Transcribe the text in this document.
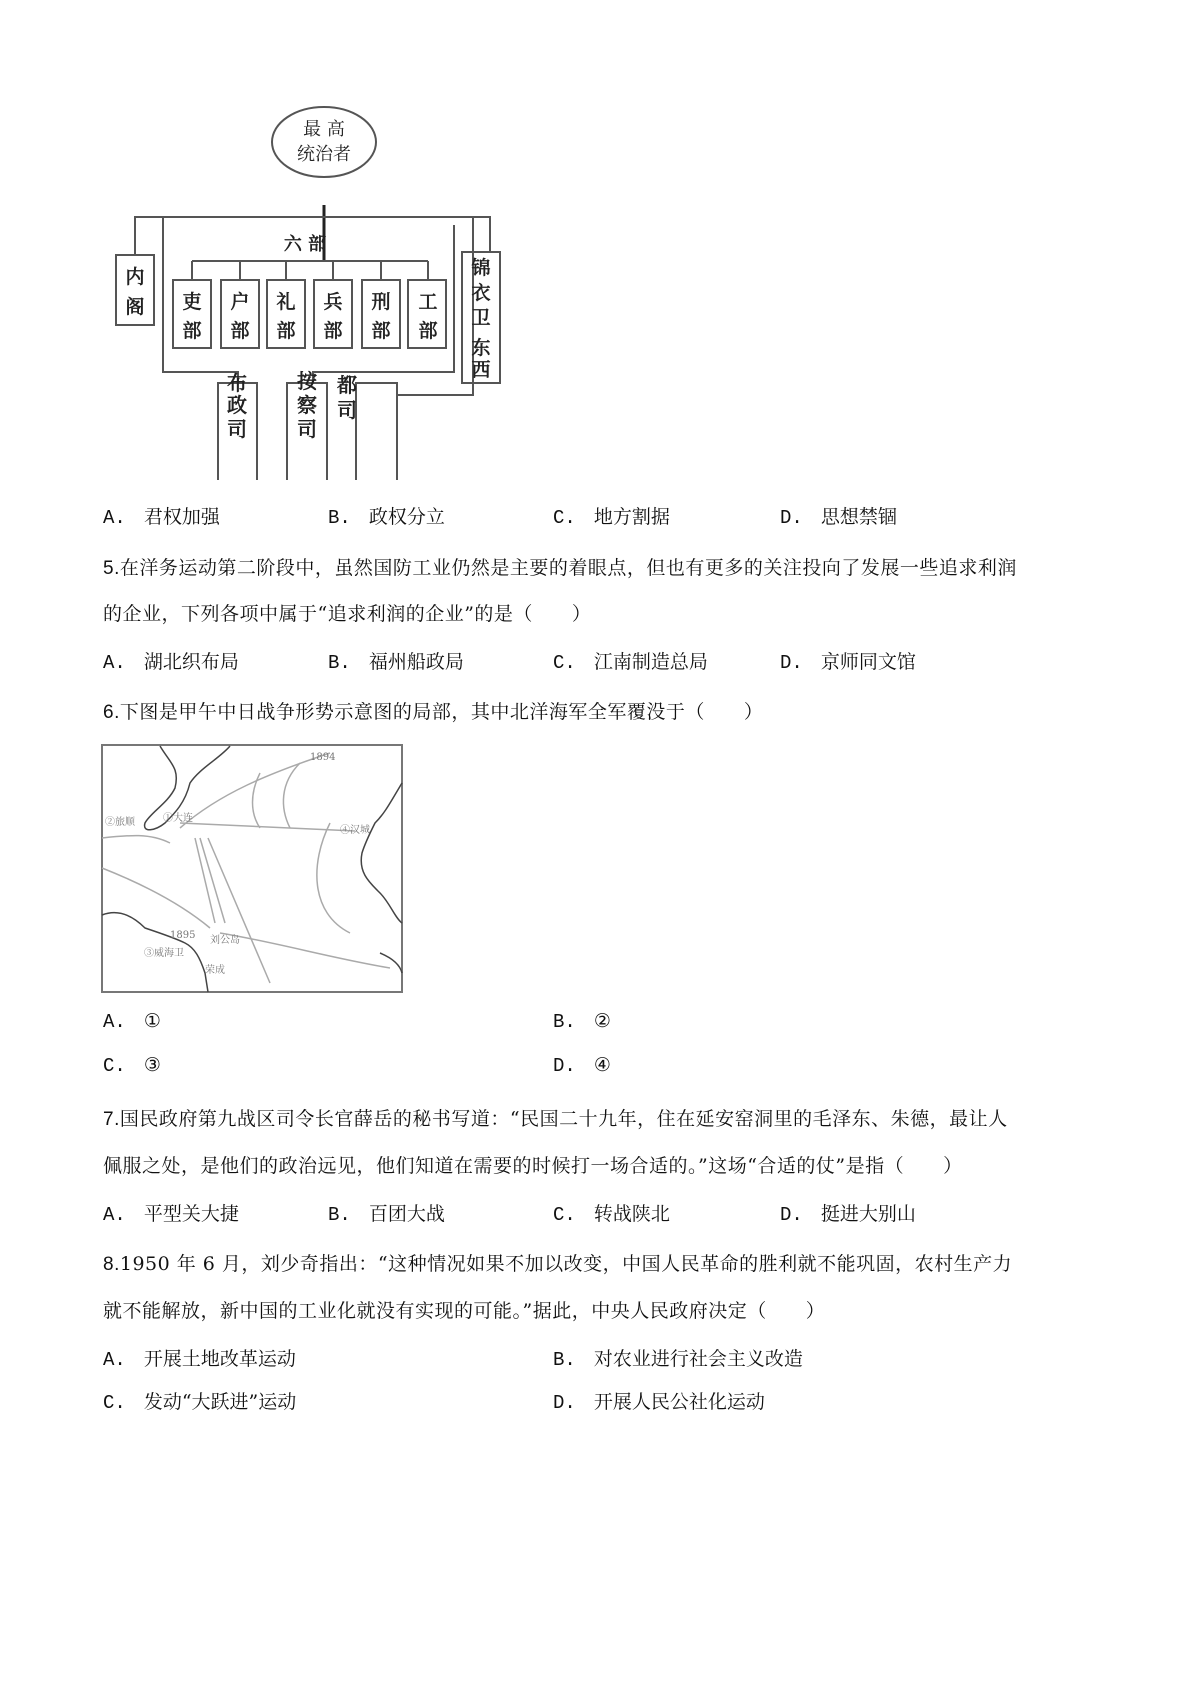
最 高
统治者
六 部
吏
部
户
部
礼
部
兵
部
刑
部
工
部
内
阁
锦
衣
卫
东
西
布
政
司
按
察
司
都
司
A. 君权加强	B. 政权分立	C. 地方割据	D. 思想禁锢
5.在洋务运动第二阶段中，虽然国防工业仍然是主要的着眼点，但也有更多的关注投向了发展一些追求利润
的企业，下列各项中属于“追求利润的企业”的是（　　）
A. 湖北织布局	B. 福州船政局	C. 江南制造总局	D. 京师同文馆
6.下图是甲午中日战争形势示意图的局部，其中北洋海军全军覆没于（　　）
①大连
②旅顺
③威海卫
④汉城
1894
1895 刘公岛
荣成
A. ①	B. ②
C. ③	D. ④
7.国民政府第九战区司令长官薛岳的秘书写道：“民国二十九年，住在延安窑洞里的毛泽东、朱德，最让人
佩服之处，是他们的政治远见，他们知道在需要的时候打一场合适的。”这场“合适的仗”是指（　　）
A. 平型关大捷	B. 百团大战	C. 转战陕北	D. 挺进大别山
8.1950 年 6 月，刘少奇指出：“这种情况如果不加以改变，中国人民革命的胜利就不能巩固，农村生产力
就不能解放，新中国的工业化就没有实现的可能。”据此，中央人民政府决定（　　）
A. 开展土地改革运动	B. 对农业进行社会主义改造
C. 发动“大跃进”运动	D. 开展人民公社化运动
